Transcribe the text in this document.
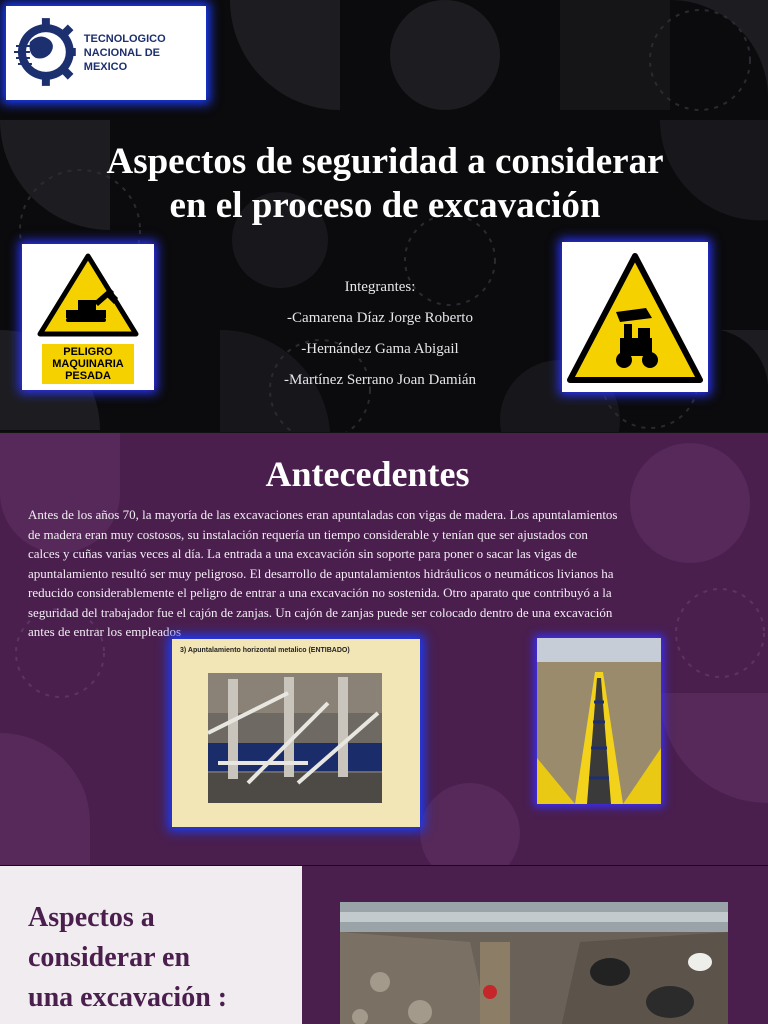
TECNOLOGICO
NACIONAL DE MEXICO
Aspectos de seguridad a considerar
en el proceso de excavación
PELIGRO
MAQUINARIA
PESADA
Integrantes:
-Camarena Díaz Jorge Roberto
-Hernández Gama Abigail
-Martínez Serrano Joan Damián
Antecedentes
Antes de los años 70, la mayoría de las excavaciones eran apuntaladas con vigas de madera. Los apuntalamientos
de madera eran muy costosos, su instalación requería un tiempo considerable y tenían que ser ajustados con
calces y cuñas varias veces al día. La entrada a una excavación sin soporte para poner o sacar las vigas de
apuntalamiento resultó ser muy peligroso. El desarrollo de apuntalamientos hidráulicos o neumáticos livianos ha
reducido considerablemente el peligro de entrar a una excavación no sostenida. Otro aparato que contribuyó a la
seguridad del trabajador fue el cajón de zanjas. Un cajón de zanjas puede ser colocado dentro de una excavación
antes de entrar los empleados
3) Apuntalamiento horizontal metalico (ENTIBADO)
Aspectos a
considerar en
una excavación :
